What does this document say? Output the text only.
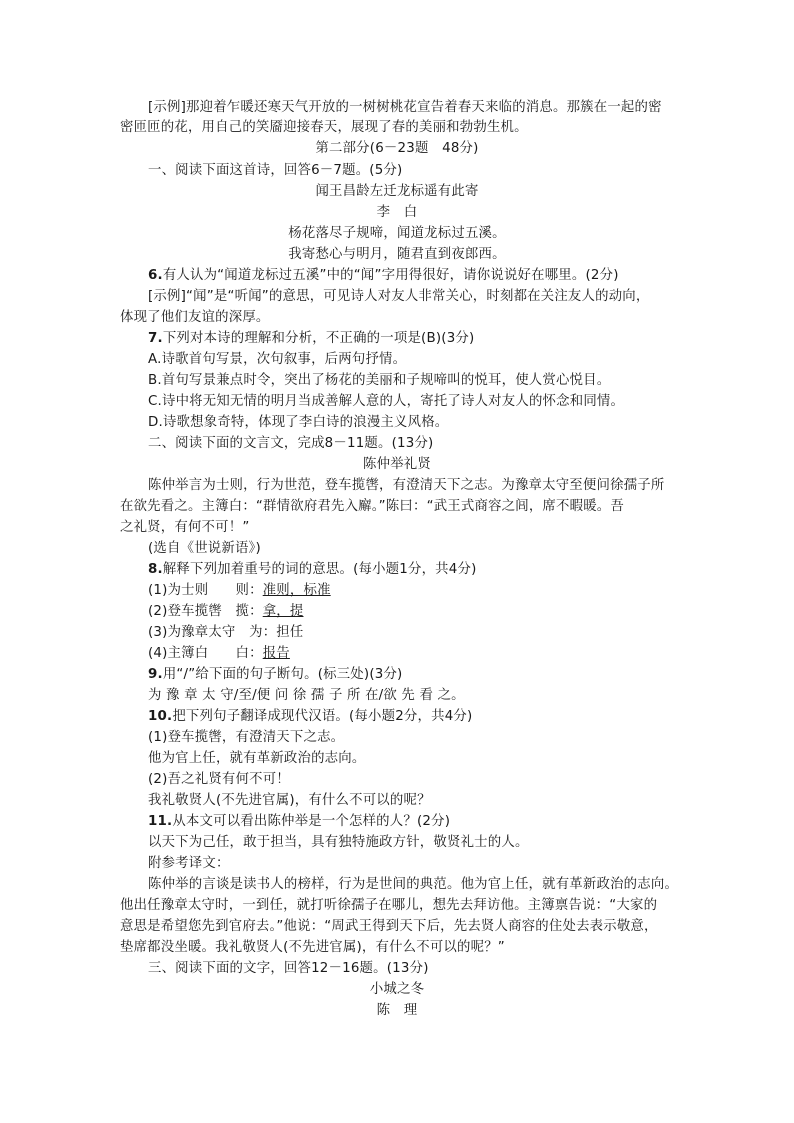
[示例]那迎着乍暖还寒天气开放的一树树桃花宣告着春天来临的消息。那簇在一起的密
密匝匝的花，用自己的笑靥迎接春天，展现了春的美丽和勃勃生机。
第二部分(6－23题　48分)
一、阅读下面这首诗，回答6－7题。(5分)
闻王昌龄左迁龙标遥有此寄
李　白
杨花落尽子规啼，闻道龙标过五溪。
我寄愁心与明月，随君直到夜郎西。
6.有人认为“闻道龙标过五溪”中的“闻”字用得很好，请你说说好在哪里。(2分)
[示例]“闻”是“听闻”的意思，可见诗人对友人非常关心，时刻都在关注友人的动向，
体现了他们友谊的深厚。
7.下列对本诗的理解和分析，不正确的一项是(B)(3分)
A.诗歌首句写景，次句叙事，后两句抒情。
B.首句写景兼点时令，突出了杨花的美丽和子规啼叫的悦耳，使人赏心悦目。
C.诗中将无知无情的明月当成善解人意的人，寄托了诗人对友人的怀念和同情。
D.诗歌想象奇特，体现了李白诗的浪漫主义风格。
二、阅读下面的文言文，完成8－11题。(13分)
陈仲举礼贤
陈仲举言为士则，行为世范，登车揽辔，有澄清天下之志。为豫章太守至便问徐孺子所
在欲先看之。主簿白：“群情欲府君先入廨。”陈曰：“武王式商容之闾，席不暇暖。吾
之礼贤，有何不可！”
(选自《世说新语》)
8.解释下列加着重号的词的意思。(每小题1分，共4分)
(1)为士则　　则：准则，标准
(2)登车揽辔　揽：拿，提
(3)为豫章太守　为：担任
(4)主簿白　　白：报告
9.用“/”给下面的句子断句。(标三处)(3分)
为 豫 章 太 守/至/便 问 徐 孺 子 所 在/欲 先 看 之。
10.把下列句子翻译成现代汉语。(每小题2分，共4分)
(1)登车揽辔，有澄清天下之志。
他为官上任，就有革新政治的志向。
(2)吾之礼贤有何不可！
我礼敬贤人(不先进官属)，有什么不可以的呢？
11.从本文可以看出陈仲举是一个怎样的人？(2分)
以天下为己任，敢于担当，具有独特施政方针，敬贤礼士的人。
附参考译文：
陈仲举的言谈是读书人的榜样，行为是世间的典范。他为官上任，就有革新政治的志向。
他出任豫章太守时，一到任，就打听徐孺子在哪儿，想先去拜访他。主簿禀告说：“大家的
意思是希望您先到官府去。”他说：“周武王得到天下后，先去贤人商容的住处去表示敬意，
垫席都没坐暖。我礼敬贤人(不先进官属)，有什么不可以的呢？”
三、阅读下面的文字，回答12－16题。(13分)
小城之冬
陈　理
